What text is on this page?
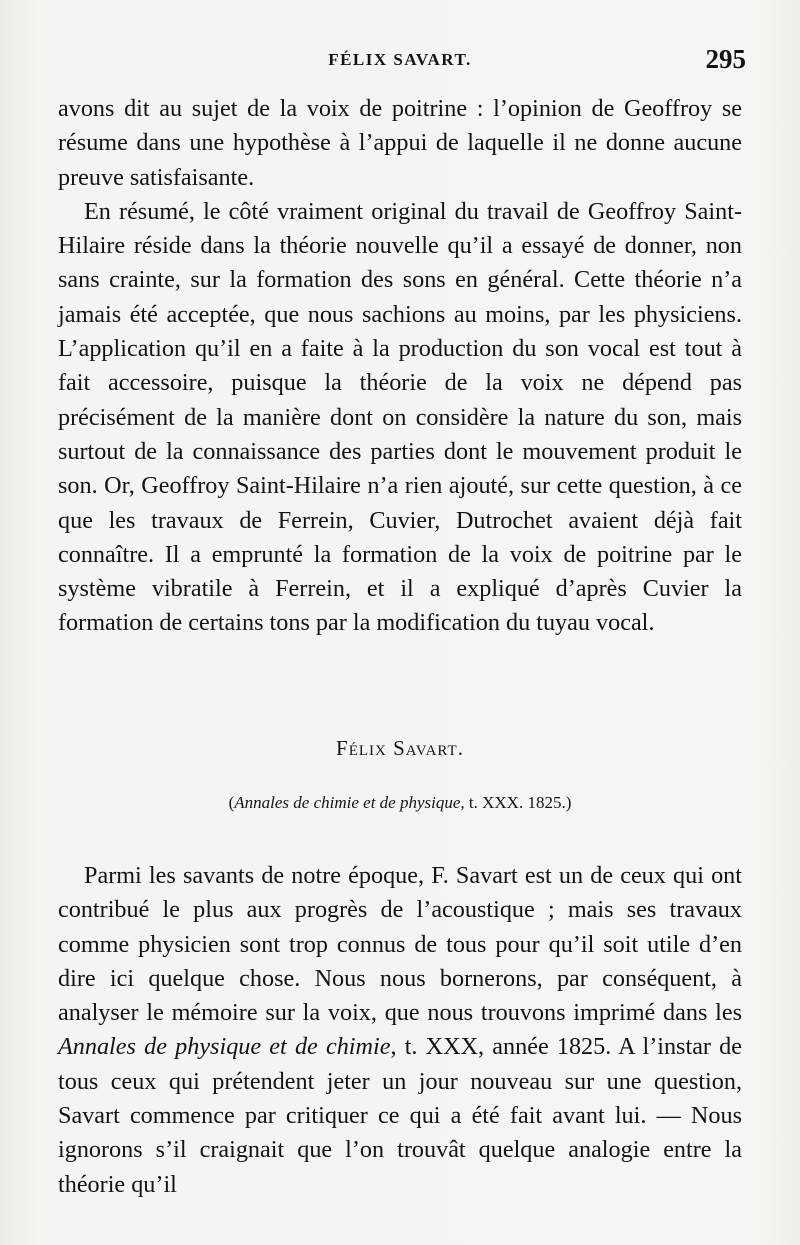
FÉLIX SAVART.	295

avons dit au sujet de la voix de poitrine : l’opinion de Geoffroy se résume dans une hypothèse à l’appui de laquelle il ne donne aucune preuve satisfaisante.

En résumé, le côté vraiment original du travail de Geoffroy Saint-Hilaire réside dans la théorie nouvelle qu’il a essayé de donner, non sans crainte, sur la formation des sons en général. Cette théorie n’a jamais été acceptée, que nous sachions au moins, par les physiciens. L’application qu’il en a faite à la production du son vocal est tout à fait accessoire, puisque la théorie de la voix ne dépend pas précisément de la manière dont on considère la nature du son, mais surtout de la connaissance des parties dont le mouvement produit le son. Or, Geoffroy Saint-Hilaire n’a rien ajouté, sur cette question, à ce que les travaux de Ferrein, Cuvier, Dutrochet avaient déjà fait connaître. Il a emprunté la formation de la voix de poitrine par le système vibratile à Ferrein, et il a expliqué d’après Cuvier la formation de certains tons par la modification du tuyau vocal.

Félix Savart.
(Annales de chimie et de physique, t. XXX. 1825.)

Parmi les savants de notre époque, F. Savart est un de ceux qui ont contribué le plus aux progrès de l’acoustique ; mais ses travaux comme physicien sont trop connus de tous pour qu’il soit utile d’en dire ici quelque chose. Nous nous bornerons, par conséquent, à analyser le mémoire sur la voix, que nous trouvons imprimé dans les Annales de physique et de chimie, t. XXX, année 1825. A l’instar de tous ceux qui prétendent jeter un jour nouveau sur une question, Savart commence par critiquer ce qui a été fait avant lui. — Nous ignorons s’il craignait que l’on trouvât quelque analogie entre la théorie qu’il
